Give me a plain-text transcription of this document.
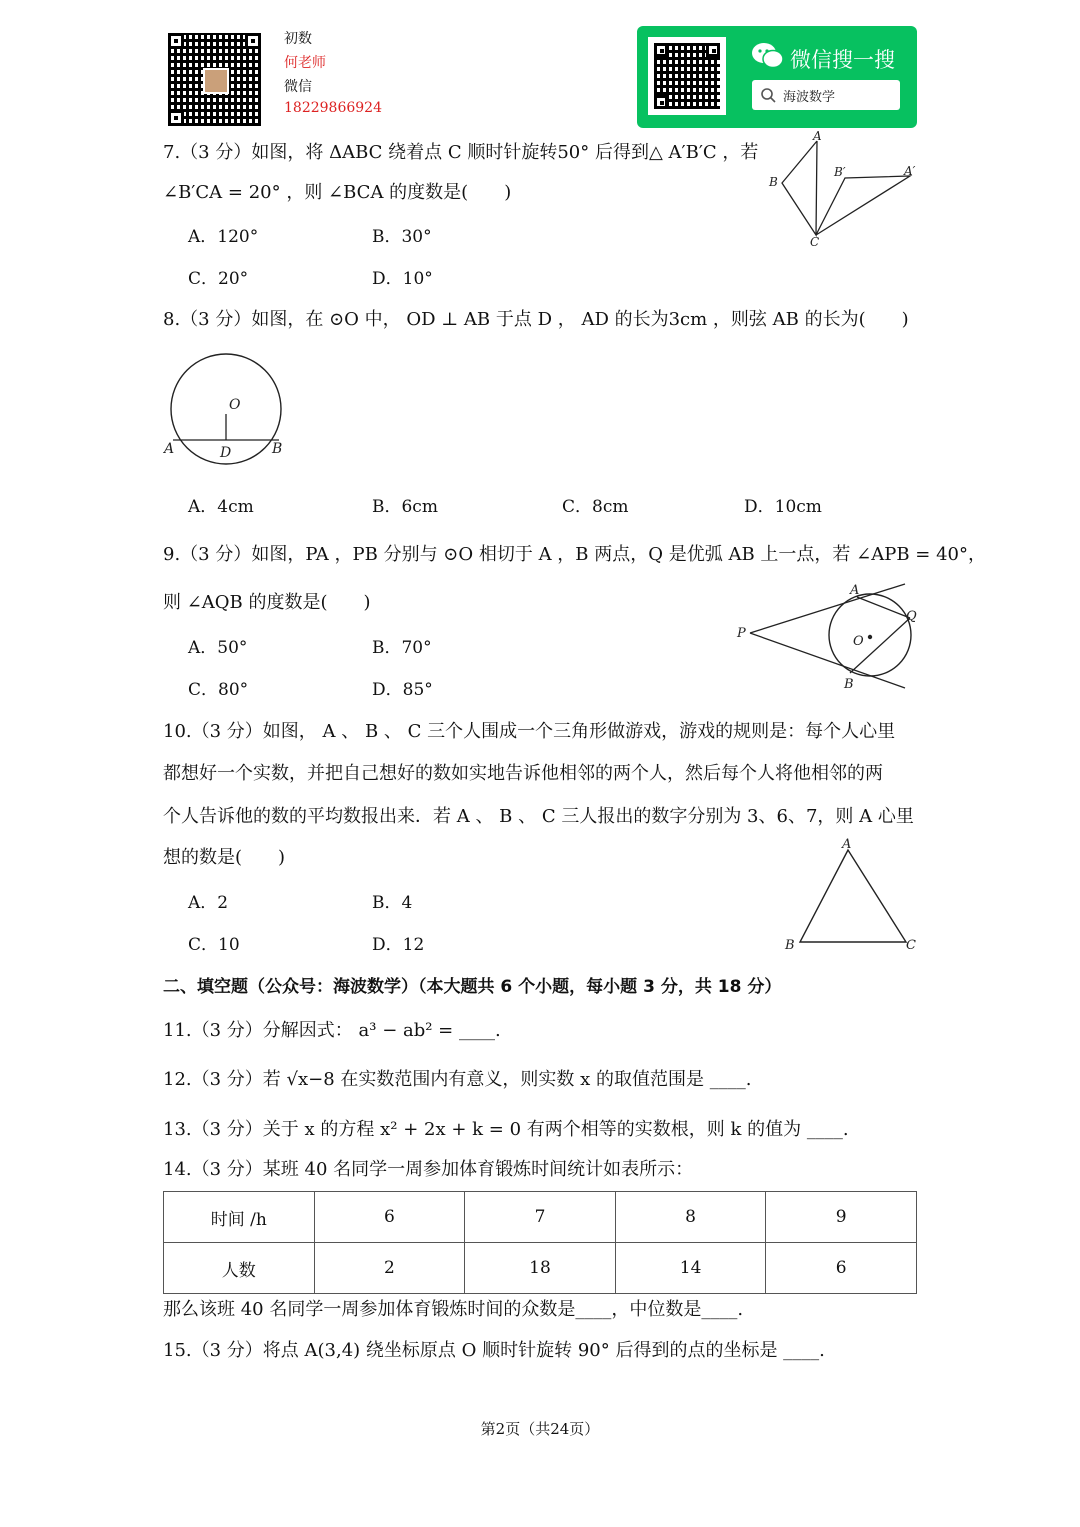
初数
何老师
微信
18229866924
微信搜一搜
海波数学
7.（3 分）如图，将 ΔABC 绕着点 C 顺时针旋转50° 后得到△ A′B′C ，若
∠B′CA = 20° ，则 ∠BCA 的度数是(　　)
A．120°	B．30°
C．20°	D．10°
A
B
B′	A′
C
8.（3 分）如图，在 ⊙O 中， OD ⊥ AB 于点 D ， AD 的长为3cm ，则弦 AB 的长为(　　)
O
A	D	B
A．4cm	B．6cm	C．8cm	D．10cm
9.（3 分）如图，PA ，PB 分别与 ⊙O 相切于 A ，B 两点，Q 是优弧 AB 上一点，若 ∠APB = 40°，
则 ∠AQB 的度数是(　　)
A．50°	B．70°
C．80°	D．85°
A
Q
P
O
B
10.（3 分）如图， A 、 B 、 C 三个人围成一个三角形做游戏，游戏的规则是：每个人心里
都想好一个实数，并把自己想好的数如实地告诉他相邻的两个人，然后每个人将他相邻的两
个人告诉他的数的平均数报出来．若 A 、 B 、 C 三人报出的数字分别为 3、6、7，则 A 心里
想的数是(　　)
A．2	B．4
C．10	D．12
A
B	C
二、填空题（公众号：海波数学）（本大题共 6 个小题，每小题 3 分，共 18 分）
11.（3 分）分解因式： a³ − ab² = ____.
12.（3 分）若 √x−8 在实数范围内有意义，则实数 x 的取值范围是 ____.
13.（3 分）关于 x 的方程 x² + 2x + k = 0 有两个相等的实数根，则 k 的值为 ____.
14.（3 分）某班 40 名同学一周参加体育锻炼时间统计如表所示：
时间 /h	6	7	8	9
人数	2	18	14	6
那么该班 40 名同学一周参加体育锻炼时间的众数是____，中位数是____.
15.（3 分）将点 A(3,4) 绕坐标原点 O 顺时针旋转 90° 后得到的点的坐标是 ____.
第2页（共24页）
